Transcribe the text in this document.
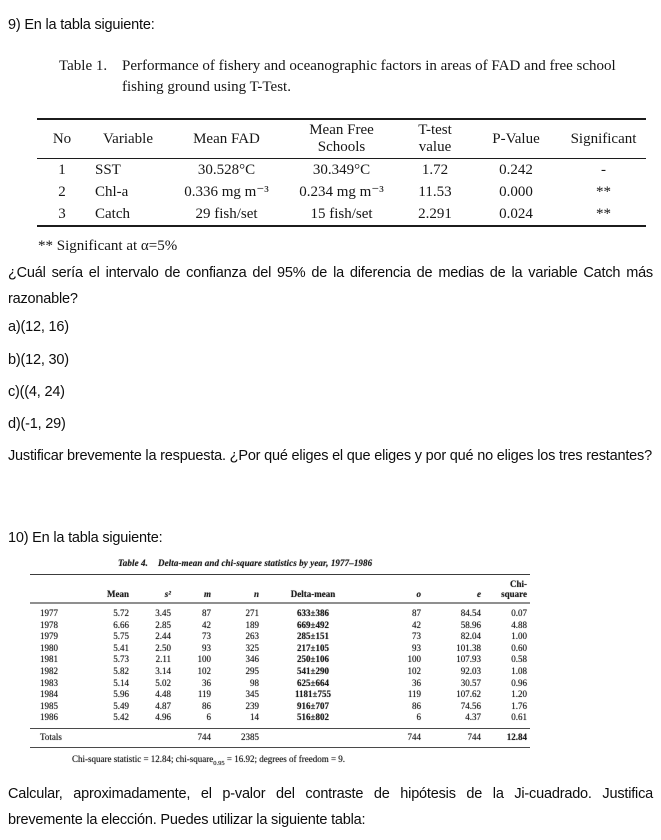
9) En la tabla siguiente:

Table 1. Performance of fishery and oceanographic factors in areas of FAD and free school fishing ground using T-Test.
No	Variable	Mean FAD	Mean Free Schools	T-test value	P-Value	Significant
1	SST	30.528°C	30.349°C	1.72	0.242	-
2	Chl-a	0.336 mg m⁻³	0.234 mg m⁻³	11.53	0.000	**
3	Catch	29 fish/set	15 fish/set	2.291	0.024	**

** Significant at α=5%

¿Cuál sería el intervalo de confianza del 95% de la diferencia de medias de la variable Catch más razonable?

a)(12, 16)

b)(12, 30)

c)((4, 24)

d)(-1, 29)

Justificar brevemente la respuesta. ¿Por qué eliges el que eliges y por qué no eliges los tres restantes?

10) En la tabla siguiente:

Table 4. Delta-mean and chi-square statistics by year, 1977–1986
	Mean	s²	m	n	Delta-mean	o	e	Chi-square
1977	5.72	3.45	87	271	633±386	87	84.54	0.07
1978	6.66	2.85	42	189	669±492	42	58.96	4.88
1979	5.75	2.44	73	263	285±151	73	82.04	1.00
1980	5.41	2.50	93	325	217±105	93	101.38	0.60
1981	5.73	2.11	100	346	250±106	100	107.93	0.58
1982	5.82	3.14	102	295	541±290	102	92.03	1.08
1983	5.14	5.02	36	98	625±664	36	30.57	0.96
1984	5.96	4.48	119	345	1181±755	119	107.62	1.20
1985	5.49	4.87	86	239	916±707	86	74.56	1.76
1986	5.42	4.96	6	14	516±802	6	4.37	0.61
Totals			744	2385		744	744	12.84

Chi-square statistic = 12.84; chi-square$_{0.95}$ = 16.92; degrees of freedom = 9.

Calcular, aproximadamente, el p-valor del contraste de hipótesis de la Ji-cuadrado. Justifica brevemente la elección. Puedes utilizar la siguiente tabla:
